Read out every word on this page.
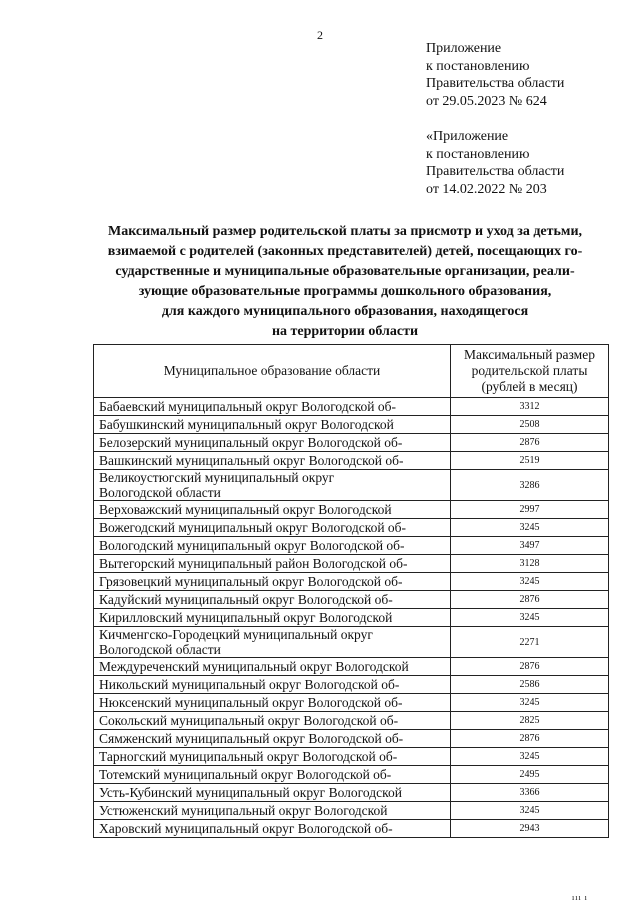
2
Приложение
к постановлению
Правительства области
от 29.05.2023 № 624
«Приложение
к постановлению
Правительства области
от 14.02.2022 № 203
Максимальный размер родительской платы за присмотр и уход за детьми,
взимаемой с родителей (законных представителей) детей, посещающих го-
сударственные и муниципальные образовательные организации, реали-
зующие образовательные программы дошкольного образования,
для каждого муниципального образования, находящегося
на территории области
Муниципальное образование области	Максимальный размер
родительской платы
(рублей в месяц)

Бабаевский муниципальный округ Вологодской об-	3312

Бабушкинский муниципальный округ Вологодской	2508

Белозерский муниципальный округ Вологодской об-	2876

Вашкинский муниципальный округ Вологодской об-	2519

Великоустюгский муниципальный округ
Вологодской области	3286

Верховажский муниципальный округ Вологодской	2997

Вожегодский муниципальный округ Вологодской об-	3245

Вологодский муниципальный округ Вологодской об-	3497

Вытегорский муниципальный район Вологодской об-	3128

Грязовецкий муниципальный округ Вологодской об-	3245

Кадуйский муниципальный округ Вологодской об-	2876

Кирилловский муниципальный округ Вологодской	3245

Кичменгско-Городецкий муниципальный округ
Вологодской области	2271

Междуреченский муниципальный округ Вологодской	2876

Никольский муниципальный округ Вологодской об-	2586

Нюксенский муниципальный округ Вологодской об-	3245

Сокольский муниципальный округ Вологодской об-	2825

Сямженский муниципальный округ Вологодской об-	2876

Тарногский муниципальный округ Вологодской об-	3245

Тотемский муниципальный округ Вологодской об-	2495

Усть-Кубинский муниципальный округ Вологодской	3366

Устюженский муниципальный округ Вологодской	3245

Харовский муниципальный округ Вологодской об-	2943
ııı ı
